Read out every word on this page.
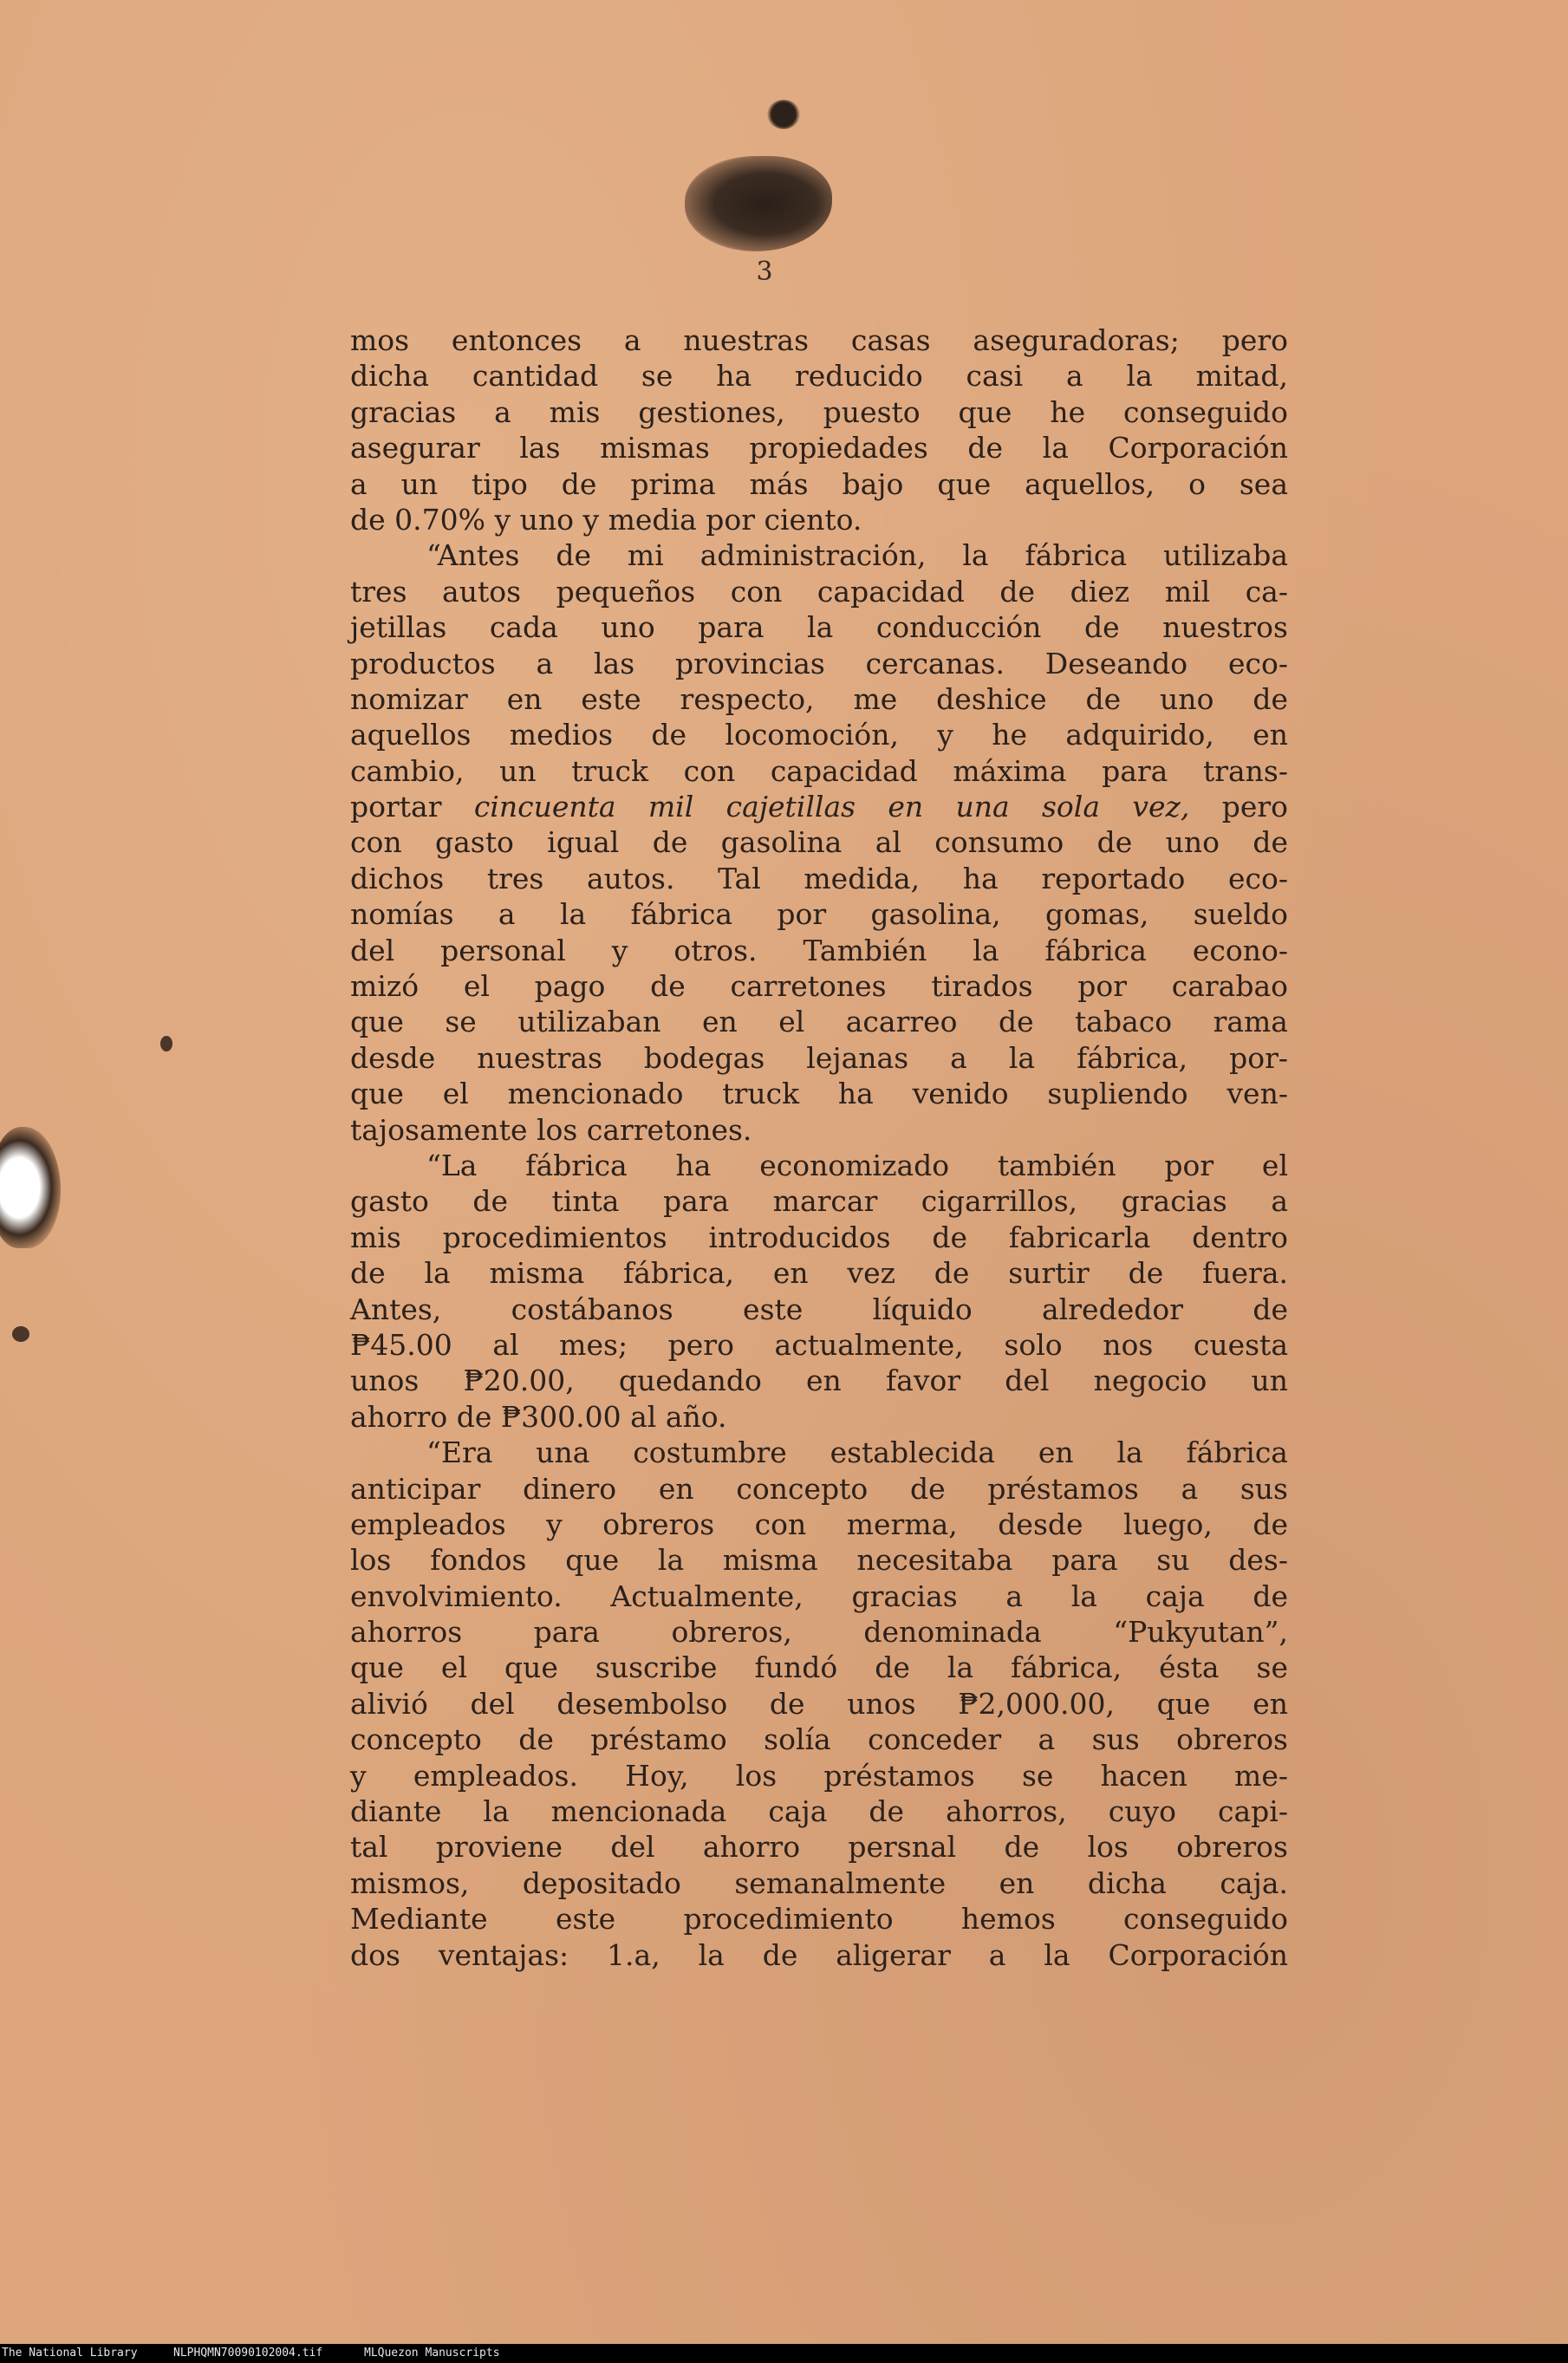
3
mos entonces a nuestras casas aseguradoras; pero
dicha cantidad se ha reducido casi a la mitad,
gracias a mis gestiones, puesto que he conseguido
asegurar las mismas propiedades de la Corporación
a un tipo de prima más bajo que aquellos, o sea
de 0.70% y uno y media por ciento.
“Antes de mi administración, la fábrica utilizaba
tres autos pequeños con capacidad de diez mil ca-
jetillas cada uno para la conducción de nuestros
productos a las provincias cercanas. Deseando eco-
nomizar en este respecto, me deshice de uno de
aquellos medios de locomoción, y he adquirido, en
cambio, un truck con capacidad máxima para trans-
portar cincuenta mil cajetillas en una sola vez, pero
con gasto igual de gasolina al consumo de uno de
dichos tres autos. Tal medida, ha reportado eco-
nomías a la fábrica por gasolina, gomas, sueldo
del personal y otros. También la fábrica econo-
mizó el pago de carretones tirados por carabao
que se utilizaban en el acarreo de tabaco rama
desde nuestras bodegas lejanas a la fábrica, por-
que el mencionado truck ha venido supliendo ven-
tajosamente los carretones.
“La fábrica ha economizado también por el
gasto de tinta para marcar cigarrillos, gracias a
mis procedimientos introducidos de fabricarla dentro
de la misma fábrica, en vez de surtir de fuera.
Antes, costábanos este líquido alrededor de
₱45.00 al mes; pero actualmente, solo nos cuesta
unos ₱20.00, quedando en favor del negocio un
ahorro de ₱300.00 al año.
“Era una costumbre establecida en la fábrica
anticipar dinero en concepto de préstamos a sus
empleados y obreros con merma, desde luego, de
los fondos que la misma necesitaba para su des-
envolvimiento. Actualmente, gracias a la caja de
ahorros para obreros, denominada “Pukyutan”,
que el que suscribe fundó de la fábrica, ésta se
alivió del desembolso de unos ₱2,000.00, que en
concepto de préstamo solía conceder a sus obreros
y empleados. Hoy, los préstamos se hacen me-
diante la mencionada caja de ahorros, cuyo capi-
tal proviene del ahorro persnal de los obreros
mismos, depositado semanalmente en dicha caja.
Mediante este procedimiento hemos conseguido
dos ventajas: 1.a, la de aligerar a la Corporación
The National Library	NLPHQMN70090102004.tif	MLQuezon Manuscripts
